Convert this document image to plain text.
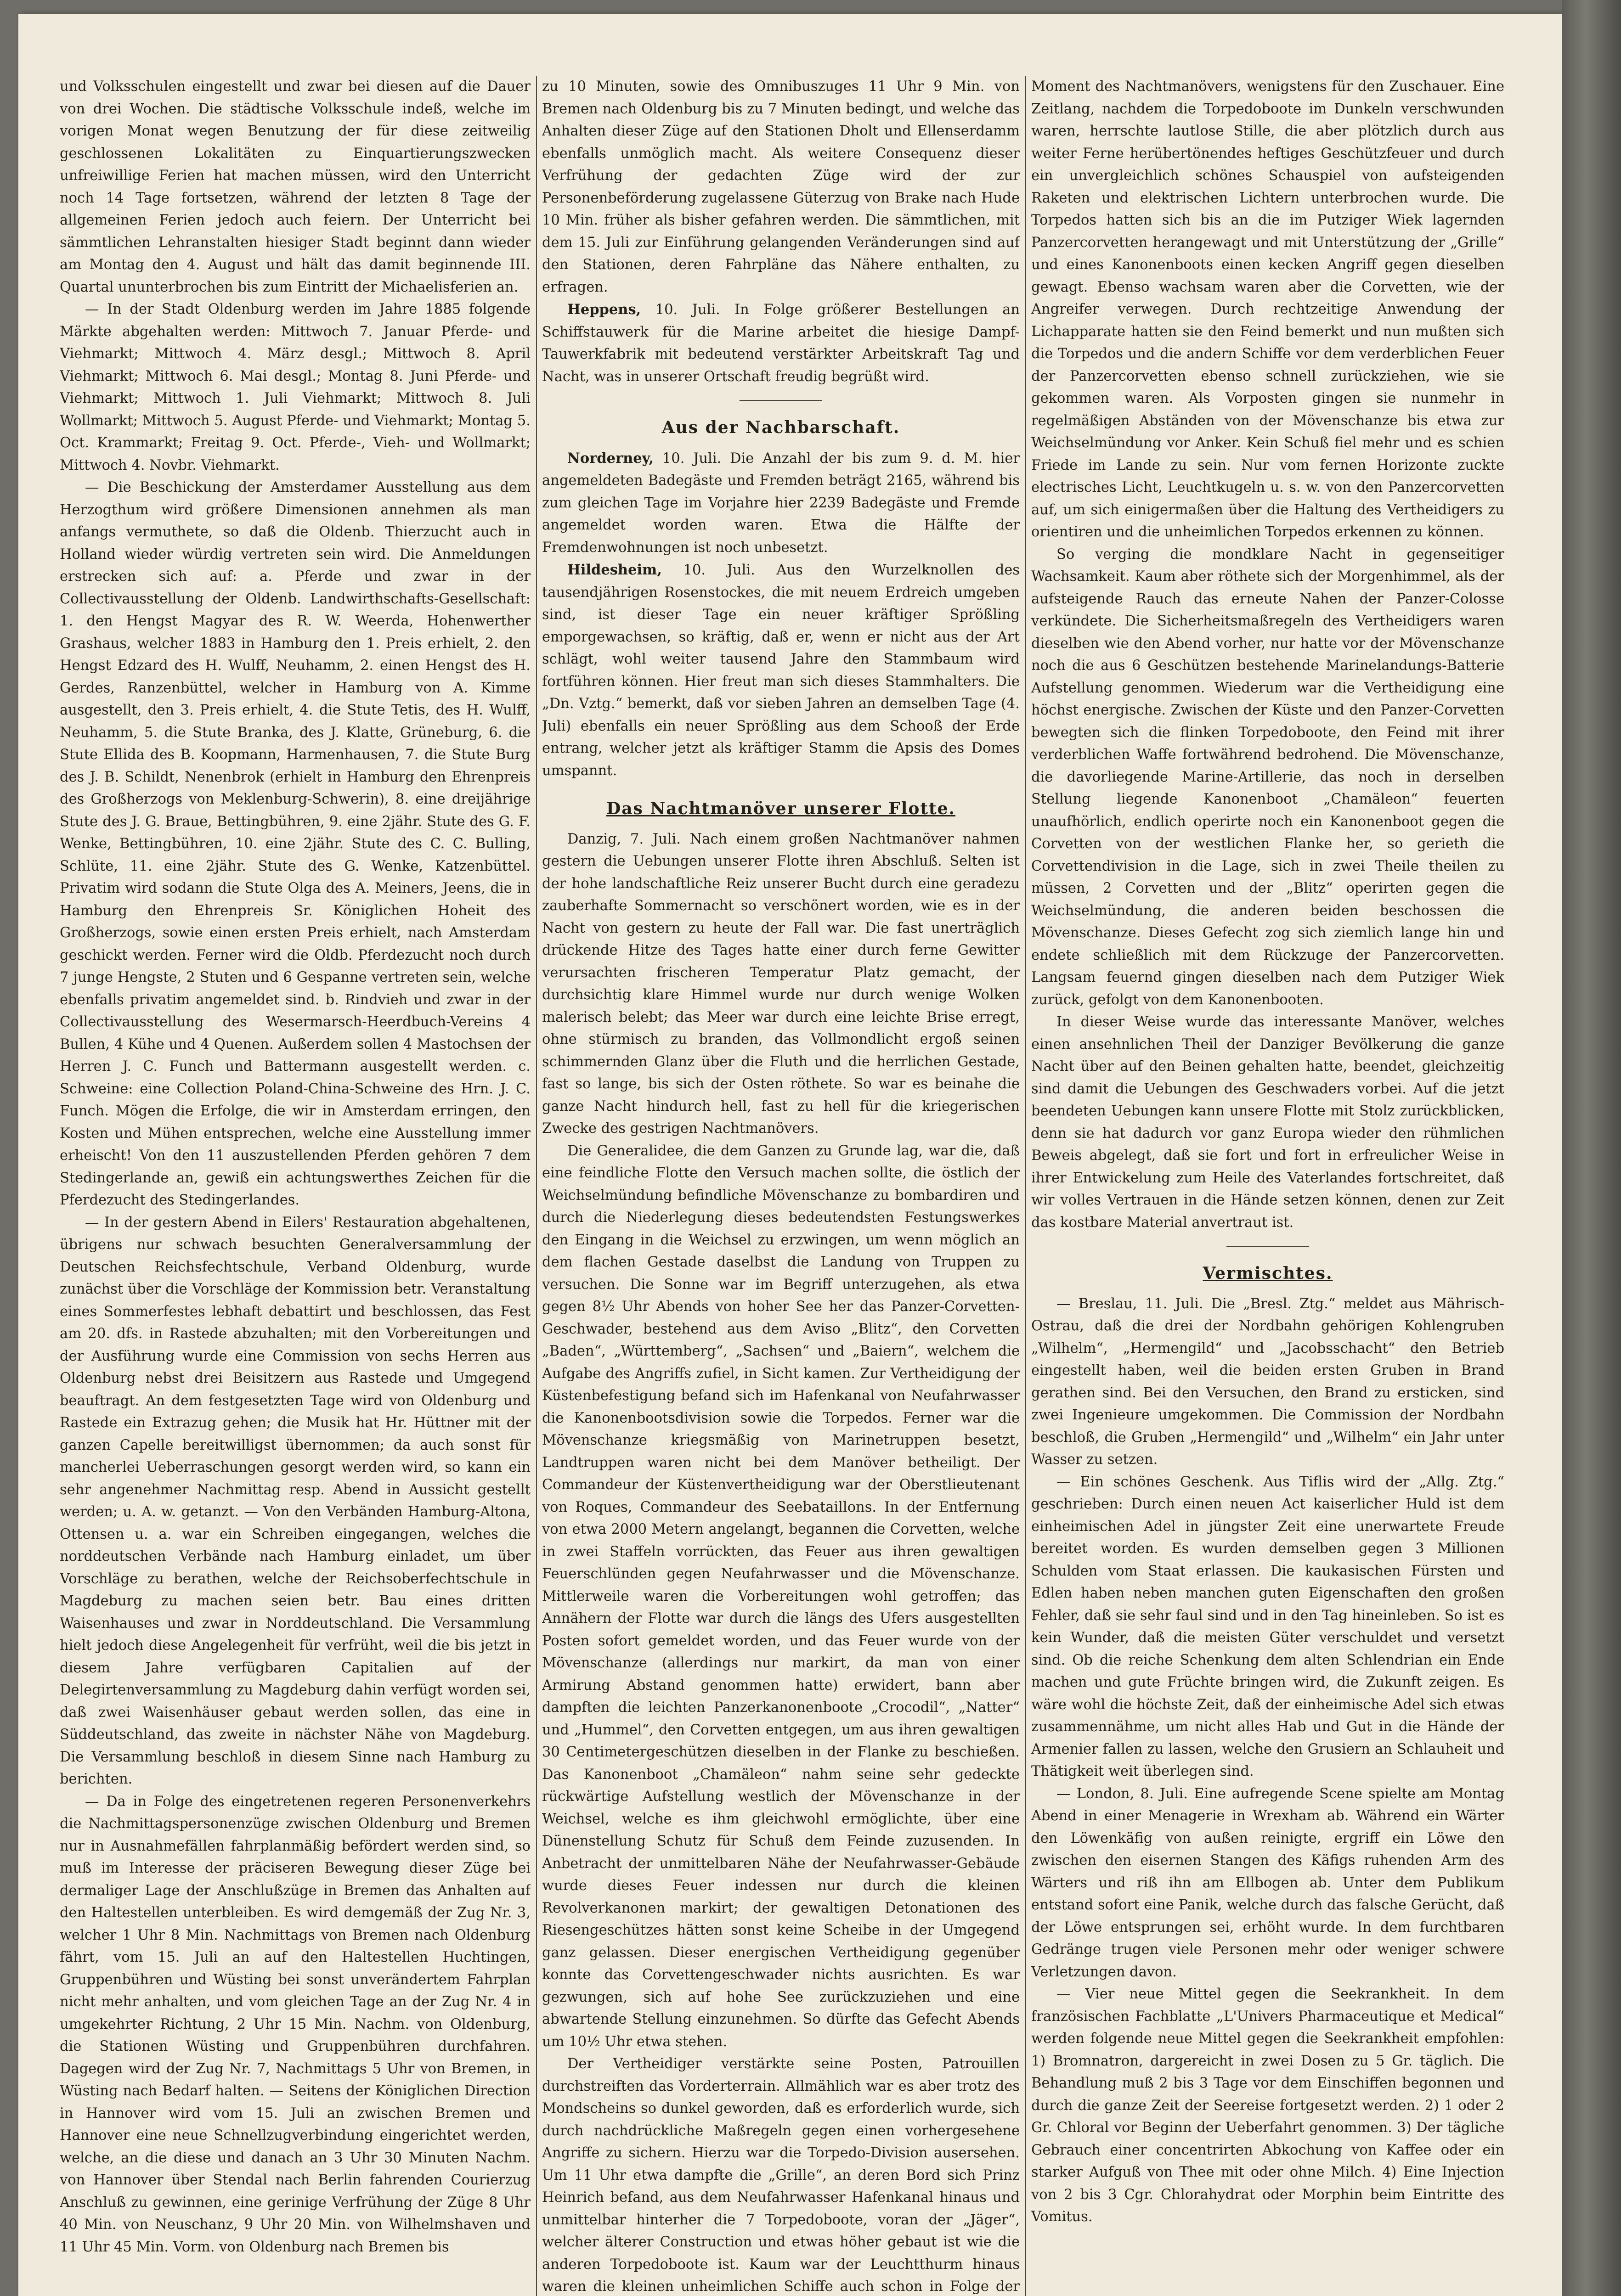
und Volksschulen eingestellt und zwar bei diesen auf die Dauer von drei Wochen. Die städtische Volksschule indeß, welche im vorigen Monat wegen Benutzung der für diese zeitweilig geschlossenen Lokalitäten zu Einquartierungszwecken unfreiwillige Ferien hat machen müssen, wird den Unterricht noch 14 Tage fortsetzen, während der letzten 8 Tage der allgemeinen Ferien jedoch auch feiern. Der Unterricht bei sämmtlichen Lehranstalten hiesiger Stadt beginnt dann wieder am Montag den 4. August und hält das damit beginnende III. Quartal ununterbrochen bis zum Eintritt der Michaelisferien an.

— In der Stadt Oldenburg werden im Jahre 1885 folgende Märkte abgehalten werden: Mittwoch 7. Januar Pferde- und Viehmarkt; Mittwoch 4. März desgl.; Mittwoch 8. April Viehmarkt; Mittwoch 6. Mai desgl.; Montag 8. Juni Pferde- und Viehmarkt; Mittwoch 1. Juli Viehmarkt; Mittwoch 8. Juli Wollmarkt; Mittwoch 5. August Pferde- und Viehmarkt; Montag 5. Oct. Krammarkt; Freitag 9. Oct. Pferde-, Vieh- und Wollmarkt; Mittwoch 4. Novbr. Viehmarkt.

— Die Beschickung der Amsterdamer Ausstellung aus dem Herzogthum wird größere Dimensionen annehmen als man anfangs vermuthete, so daß die Oldenb. Thierzucht auch in Holland wieder würdig vertreten sein wird. Die Anmeldungen erstrecken sich auf: a. Pferde und zwar in der Collectivausstellung der Oldenb. Landwirthschafts-Gesellschaft: 1. den Hengst Magyar des R. W. Weerda, Hohenwerther Grashaus, welcher 1883 in Hamburg den 1. Preis erhielt, 2. den Hengst Edzard des H. Wulff, Neuhamm, 2. einen Hengst des H. Gerdes, Ranzenbüttel, welcher in Hamburg von A. Kimme ausgestellt, den 3. Preis erhielt, 4. die Stute Tetis, des H. Wulff, Neuhamm, 5. die Stute Branka, des J. Klatte, Grüneburg, 6. die Stute Ellida des B. Koopmann, Harmenhausen, 7. die Stute Burg des J. B. Schildt, Nenenbrok (erhielt in Hamburg den Ehrenpreis des Großherzogs von Meklenburg-Schwerin), 8. eine dreijährige Stute des J. G. Braue, Bettingbühren, 9. eine 2jähr. Stute des G. F. Wenke, Bettingbühren, 10. eine 2jähr. Stute des C. C. Bulling, Schlüte, 11. eine 2jähr. Stute des G. Wenke, Katzenbüttel. Privatim wird sodann die Stute Olga des A. Meiners, Jeens, die in Hamburg den Ehrenpreis Sr. Königlichen Hoheit des Großherzogs, sowie einen ersten Preis erhielt, nach Amsterdam geschickt werden. Ferner wird die Oldb. Pferdezucht noch durch 7 junge Hengste, 2 Stuten und 6 Gespanne vertreten sein, welche ebenfalls privatim angemeldet sind. b. Rindvieh und zwar in der Collectivausstellung des Wesermarsch-Heerdbuch-Vereins 4 Bullen, 4 Kühe und 4 Quenen. Außerdem sollen 4 Mastochsen der Herren J. C. Funch und Battermann ausgestellt werden. c. Schweine: eine Collection Poland-China-Schweine des Hrn. J. C. Funch. Mögen die Erfolge, die wir in Amsterdam erringen, den Kosten und Mühen entsprechen, welche eine Ausstellung immer erheischt! Von den 11 auszustellenden Pferden gehören 7 dem Stedingerlande an, gewiß ein achtungswerthes Zeichen für die Pferdezucht des Stedingerlandes.

— In der gestern Abend in Eilers' Restauration abgehaltenen, übrigens nur schwach besuchten Generalversammlung der Deutschen Reichsfechtschule, Verband Oldenburg, wurde zunächst über die Vorschläge der Kommission betr. Veranstaltung eines Sommerfestes lebhaft debattirt und beschlossen, das Fest am 20. dfs. in Rastede abzuhalten; mit den Vorbereitungen und der Ausführung wurde eine Commission von sechs Herren aus Oldenburg nebst drei Beisitzern aus Rastede und Umgegend beauftragt. An dem festgesetzten Tage wird von Oldenburg und Rastede ein Extrazug gehen; die Musik hat Hr. Hüttner mit der ganzen Capelle bereitwilligst übernommen; da auch sonst für mancherlei Ueberraschungen gesorgt werden wird, so kann ein sehr angenehmer Nachmittag resp. Abend in Aussicht gestellt werden; u. A. w. getanzt. — Von den Verbänden Hamburg-Altona, Ottensen u. a. war ein Schreiben eingegangen, welches die norddeutschen Verbände nach Hamburg einladet, um über Vorschläge zu berathen, welche der Reichsoberfechtschule in Magdeburg zu machen seien betr. Bau eines dritten Waisenhauses und zwar in Norddeutschland. Die Versammlung hielt jedoch diese Angelegenheit für verfrüht, weil die bis jetzt in diesem Jahre verfügbaren Capitalien auf der Delegirtenversammlung zu Magdeburg dahin verfügt worden sei, daß zwei Waisenhäuser gebaut werden sollen, das eine in Süddeutschland, das zweite in nächster Nähe von Magdeburg. Die Versammlung beschloß in diesem Sinne nach Hamburg zu berichten.

— Da in Folge des eingetretenen regeren Personenverkehrs die Nachmittagspersonenzüge zwischen Oldenburg und Bremen nur in Ausnahmefällen fahrplanmäßig befördert werden sind, so muß im Interesse der präciseren Bewegung dieser Züge bei dermaliger Lage der Anschlußzüge in Bremen das Anhalten auf den Haltestellen unterbleiben. Es wird demgemäß der Zug Nr. 3, welcher 1 Uhr 8 Min. Nachmittags von Bremen nach Oldenburg fährt, vom 15. Juli an auf den Haltestellen Huchtingen, Gruppenbühren und Wüsting bei sonst unverändertem Fahrplan nicht mehr anhalten, und vom gleichen Tage an der Zug Nr. 4 in umgekehrter Richtung, 2 Uhr 15 Min. Nachm. von Oldenburg, die Stationen Wüsting und Gruppenbühren durchfahren. Dagegen wird der Zug Nr. 7, Nachmittags 5 Uhr von Bremen, in Wüsting nach Bedarf halten. — Seitens der Königlichen Direction in Hannover wird vom 15. Juli an zwischen Bremen und Hannover eine neue Schnellzugverbindung eingerichtet werden, welche, an die diese und danach an 3 Uhr 30 Minuten Nachm. von Hannover über Stendal nach Berlin fahrenden Courierzug Anschluß zu gewinnen, eine gerinige Verfrühung der Züge 8 Uhr 40 Min. von Neuschanz, 9 Uhr 20 Min. von Wilhelmshaven und 11 Uhr 45 Min. Vorm. von Oldenburg nach Bremen bis

zu 10 Minuten, sowie des Omnibuszuges 11 Uhr 9 Min. von Bremen nach Oldenburg bis zu 7 Minuten bedingt, und welche das Anhalten dieser Züge auf den Stationen Dholt und Ellenserdamm ebenfalls unmöglich macht. Als weitere Consequenz dieser Verfrühung der gedachten Züge wird der zur Personenbeförderung zugelassene Güterzug von Brake nach Hude 10 Min. früher als bisher gefahren werden. Die sämmtlichen, mit dem 15. Juli zur Einführung gelangenden Veränderungen sind auf den Stationen, deren Fahrpläne das Nähere enthalten, zu erfragen.

Heppens, 10. Juli. In Folge größerer Bestellungen an Schiffstauwerk für die Marine arbeitet die hiesige Dampf-Tauwerkfabrik mit bedeutend verstärkter Arbeitskraft Tag und Nacht, was in unserer Ortschaft freudig begrüßt wird.

Aus der Nachbarschaft.

Norderney, 10. Juli. Die Anzahl der bis zum 9. d. M. hier angemeldeten Badegäste und Fremden beträgt 2165, während bis zum gleichen Tage im Vorjahre hier 2239 Badegäste und Fremde angemeldet worden waren. Etwa die Hälfte der Fremdenwohnungen ist noch unbesetzt.

Hildesheim, 10. Juli. Aus den Wurzelknollen des tausendjährigen Rosenstockes, die mit neuem Erdreich umgeben sind, ist dieser Tage ein neuer kräftiger Sprößling emporgewachsen, so kräftig, daß er, wenn er nicht aus der Art schlägt, wohl weiter tausend Jahre den Stammbaum wird fortführen können. Hier freut man sich dieses Stammhalters. Die „Dn. Vztg.“ bemerkt, daß vor sieben Jahren an demselben Tage (4. Juli) ebenfalls ein neuer Sprößling aus dem Schooß der Erde entrang, welcher jetzt als kräftiger Stamm die Apsis des Domes umspannt.

Das Nachtmanöver unserer Flotte.

Danzig, 7. Juli. Nach einem großen Nachtmanöver nahmen gestern die Uebungen unserer Flotte ihren Abschluß. Selten ist der hohe landschaftliche Reiz unserer Bucht durch eine geradezu zauberhafte Sommernacht so verschönert worden, wie es in der Nacht von gestern zu heute der Fall war. Die fast unerträglich drückende Hitze des Tages hatte einer durch ferne Gewitter verursachten frischeren Temperatur Platz gemacht, der durchsichtig klare Himmel wurde nur durch wenige Wolken malerisch belebt; das Meer war durch eine leichte Brise erregt, ohne stürmisch zu branden, das Vollmondlicht ergoß seinen schimmernden Glanz über die Fluth und die herrlichen Gestade, fast so lange, bis sich der Osten röthete. So war es beinahe die ganze Nacht hindurch hell, fast zu hell für die kriegerischen Zwecke des gestrigen Nachtmanövers.

Die Generalidee, die dem Ganzen zu Grunde lag, war die, daß eine feindliche Flotte den Versuch machen sollte, die östlich der Weichselmündung befindliche Mövenschanze zu bombardiren und durch die Niederlegung dieses bedeutendsten Festungswerkes den Eingang in die Weichsel zu erzwingen, um wenn möglich an dem flachen Gestade daselbst die Landung von Truppen zu versuchen. Die Sonne war im Begriff unterzugehen, als etwa gegen 8½ Uhr Abends von hoher See her das Panzer-Corvetten-Geschwader, bestehend aus dem Aviso „Blitz“, den Corvetten „Baden“, „Württemberg“, „Sachsen“ und „Baiern“, welchem die Aufgabe des Angriffs zufiel, in Sicht kamen. Zur Vertheidigung der Küstenbefestigung befand sich im Hafenkanal von Neufahrwasser die Kanonenbootsdivision sowie die Torpedos. Ferner war die Mövenschanze kriegsmäßig von Marinetruppen besetzt, Landtruppen waren nicht bei dem Manöver betheiligt. Der Commandeur der Küstenvertheidigung war der Oberstlieutenant von Roques, Commandeur des Seebataillons. In der Entfernung von etwa 2000 Metern angelangt, begannen die Corvetten, welche in zwei Staffeln vorrückten, das Feuer aus ihren gewaltigen Feuerschlünden gegen Neufahrwasser und die Mövenschanze. Mittlerweile waren die Vorbereitungen wohl getroffen; das Annähern der Flotte war durch die längs des Ufers ausgestellten Posten sofort gemeldet worden, und das Feuer wurde von der Mövenschanze (allerdings nur markirt, da man von einer Armirung Abstand genommen hatte) erwidert, bann aber dampften die leichten Panzerkanonenboote „Crocodil“, „Natter“ und „Hummel“, den Corvetten entgegen, um aus ihren gewaltigen 30 Centimetergeschützen dieselben in der Flanke zu beschießen. Das Kanonenboot „Chamäleon“ nahm seine sehr gedeckte rückwärtige Aufstellung westlich der Mövenschanze in der Weichsel, welche es ihm gleichwohl ermöglichte, über eine Dünenstellung Schutz für Schuß dem Feinde zuzusenden. In Anbetracht der unmittelbaren Nähe der Neufahrwasser-Gebäude wurde dieses Feuer indessen nur durch die kleinen Revolverkanonen markirt; der gewaltigen Detonationen des Riesengeschützes hätten sonst keine Scheibe in der Umgegend ganz gelassen. Dieser energischen Vertheidigung gegenüber konnte das Corvettengeschwader nichts ausrichten. Es war gezwungen, sich auf hohe See zurückzuziehen und eine abwartende Stellung einzunehmen. So dürfte das Gefecht Abends um 10½ Uhr etwa stehen.

Der Vertheidiger verstärkte seine Posten, Patrouillen durchstreiften das Vorderterrain. Allmählich war es aber trotz des Mondscheins so dunkel geworden, daß es erforderlich wurde, sich durch nachdrückliche Maßregeln gegen einen vorhergesehene Angriffe zu sichern. Hierzu war die Torpedo-Division ausersehen. Um 11 Uhr etwa dampfte die „Grille“, an deren Bord sich Prinz Heinrich befand, aus dem Neufahrwasser Hafenkanal hinaus und unmittelbar hinterher die 7 Torpedoboote, voran der „Jäger“, welcher älterer Construction und etwas höher gebaut ist wie die anderen Torpedoboote ist. Kaum war der Leuchtthurm hinaus waren die kleinen unheimlichen Schiffe auch schon in Folge der

Moment des Nachtmanövers, wenigstens für den Zuschauer. Eine Zeitlang, nachdem die Torpedoboote im Dunkeln verschwunden waren, herrschte lautlose Stille, die aber plötzlich durch aus weiter Ferne herübertönendes heftiges Geschützfeuer und durch ein unvergleichlich schönes Schauspiel von aufsteigenden Raketen und elektrischen Lichtern unterbrochen wurde. Die Torpedos hatten sich bis an die im Putziger Wiek lagernden Panzercorvetten herangewagt und mit Unterstützung der „Grille“ und eines Kanonenboots einen kecken Angriff gegen dieselben gewagt. Ebenso wachsam waren aber die Corvetten, wie der Angreifer verwegen. Durch rechtzeitige Anwendung der Lichapparate hatten sie den Feind bemerkt und nun mußten sich die Torpedos und die andern Schiffe vor dem verderblichen Feuer der Panzercorvetten ebenso schnell zurückziehen, wie sie gekommen waren. Als Vorposten gingen sie nunmehr in regelmäßigen Abständen von der Mövenschanze bis etwa zur Weichselmündung vor Anker. Kein Schuß fiel mehr und es schien Friede im Lande zu sein. Nur vom fernen Horizonte zuckte electrisches Licht, Leuchtkugeln u. s. w. von den Panzercorvetten auf, um sich einigermaßen über die Haltung des Vertheidigers zu orientiren und die unheimlichen Torpedos erkennen zu können.

So verging die mondklare Nacht in gegenseitiger Wachsamkeit. Kaum aber röthete sich der Morgenhimmel, als der aufsteigende Rauch das erneute Nahen der Panzer-Colosse verkündete. Die Sicherheitsmaßregeln des Vertheidigers waren dieselben wie den Abend vorher, nur hatte vor der Mövenschanze noch die aus 6 Geschützen bestehende Marinelandungs-Batterie Aufstellung genommen. Wiederum war die Vertheidigung eine höchst energische. Zwischen der Küste und den Panzer-Corvetten bewegten sich die flinken Torpedoboote, den Feind mit ihrer verderblichen Waffe fortwährend bedrohend. Die Mövenschanze, die davorliegende Marine-Artillerie, das noch in derselben Stellung liegende Kanonenboot „Chamäleon“ feuerten unaufhörlich, endlich operirte noch ein Kanonenboot gegen die Corvetten von der westlichen Flanke her, so gerieth die Corvettendivision in die Lage, sich in zwei Theile theilen zu müssen, 2 Corvetten und der „Blitz“ operirten gegen die Weichselmündung, die anderen beiden beschossen die Mövenschanze. Dieses Gefecht zog sich ziemlich lange hin und endete schließlich mit dem Rückzuge der Panzercorvetten. Langsam feuernd gingen dieselben nach dem Putziger Wiek zurück, gefolgt von dem Kanonenbooten.

In dieser Weise wurde das interessante Manöver, welches einen ansehnlichen Theil der Danziger Bevölkerung die ganze Nacht über auf den Beinen gehalten hatte, beendet, gleichzeitig sind damit die Uebungen des Geschwaders vorbei. Auf die jetzt beendeten Uebungen kann unsere Flotte mit Stolz zurückblicken, denn sie hat dadurch vor ganz Europa wieder den rühmlichen Beweis abgelegt, daß sie fort und fort in erfreulicher Weise in ihrer Entwickelung zum Heile des Vaterlandes fortschreitet, daß wir volles Vertrauen in die Hände setzen können, denen zur Zeit das kostbare Material anvertraut ist.

Vermischtes.

— Breslau, 11. Juli. Die „Bresl. Ztg.“ meldet aus Mährisch-Ostrau, daß die drei der Nordbahn gehörigen Kohlengruben „Wilhelm“, „Hermengild“ und „Jacobsschacht“ den Betrieb eingestellt haben, weil die beiden ersten Gruben in Brand gerathen sind. Bei den Versuchen, den Brand zu ersticken, sind zwei Ingenieure umgekommen. Die Commission der Nordbahn beschloß, die Gruben „Hermengild“ und „Wilhelm“ ein Jahr unter Wasser zu setzen.

— Ein schönes Geschenk. Aus Tiflis wird der „Allg. Ztg.“ geschrieben: Durch einen neuen Act kaiserlicher Huld ist dem einheimischen Adel in jüngster Zeit eine unerwartete Freude bereitet worden. Es wurden demselben gegen 3 Millionen Schulden vom Staat erlassen. Die kaukasischen Fürsten und Edlen haben neben manchen guten Eigenschaften den großen Fehler, daß sie sehr faul sind und in den Tag hineinleben. So ist es kein Wunder, daß die meisten Güter verschuldet und versetzt sind. Ob die reiche Schenkung dem alten Schlendrian ein Ende machen und gute Früchte bringen wird, die Zukunft zeigen. Es wäre wohl die höchste Zeit, daß der einheimische Adel sich etwas zusammennähme, um nicht alles Hab und Gut in die Hände der Armenier fallen zu lassen, welche den Grusiern an Schlauheit und Thätigkeit weit überlegen sind.

— London, 8. Juli. Eine aufregende Scene spielte am Montag Abend in einer Menagerie in Wrexham ab. Während ein Wärter den Löwenkäfig von außen reinigte, ergriff ein Löwe den zwischen den eisernen Stangen des Käfigs ruhenden Arm des Wärters und riß ihn am Ellbogen ab. Unter dem Publikum entstand sofort eine Panik, welche durch das falsche Gerücht, daß der Löwe entsprungen sei, erhöht wurde. In dem furchtbaren Gedränge trugen viele Personen mehr oder weniger schwere Verletzungen davon.

— Vier neue Mittel gegen die Seekrankheit. In dem französischen Fachblatte „L'Univers Pharmaceutique et Medical“ werden folgende neue Mittel gegen die Seekrankheit empfohlen: 1) Bromnatron, dargereicht in zwei Dosen zu 5 Gr. täglich. Die Behandlung muß 2 bis 3 Tage vor dem Einschiffen begonnen und durch die ganze Zeit der Seereise fortgesetzt werden. 2) 1 oder 2 Gr. Chloral vor Beginn der Ueberfahrt genommen. 3) Der tägliche Gebrauch einer concentrirten Abkochung von Kaffee oder ein starker Aufguß von Thee mit oder ohne Milch. 4) Eine Injection von 2 bis 3 Cgr. Chlorahydrat oder Morphin beim Eintritte des Vomitus.
